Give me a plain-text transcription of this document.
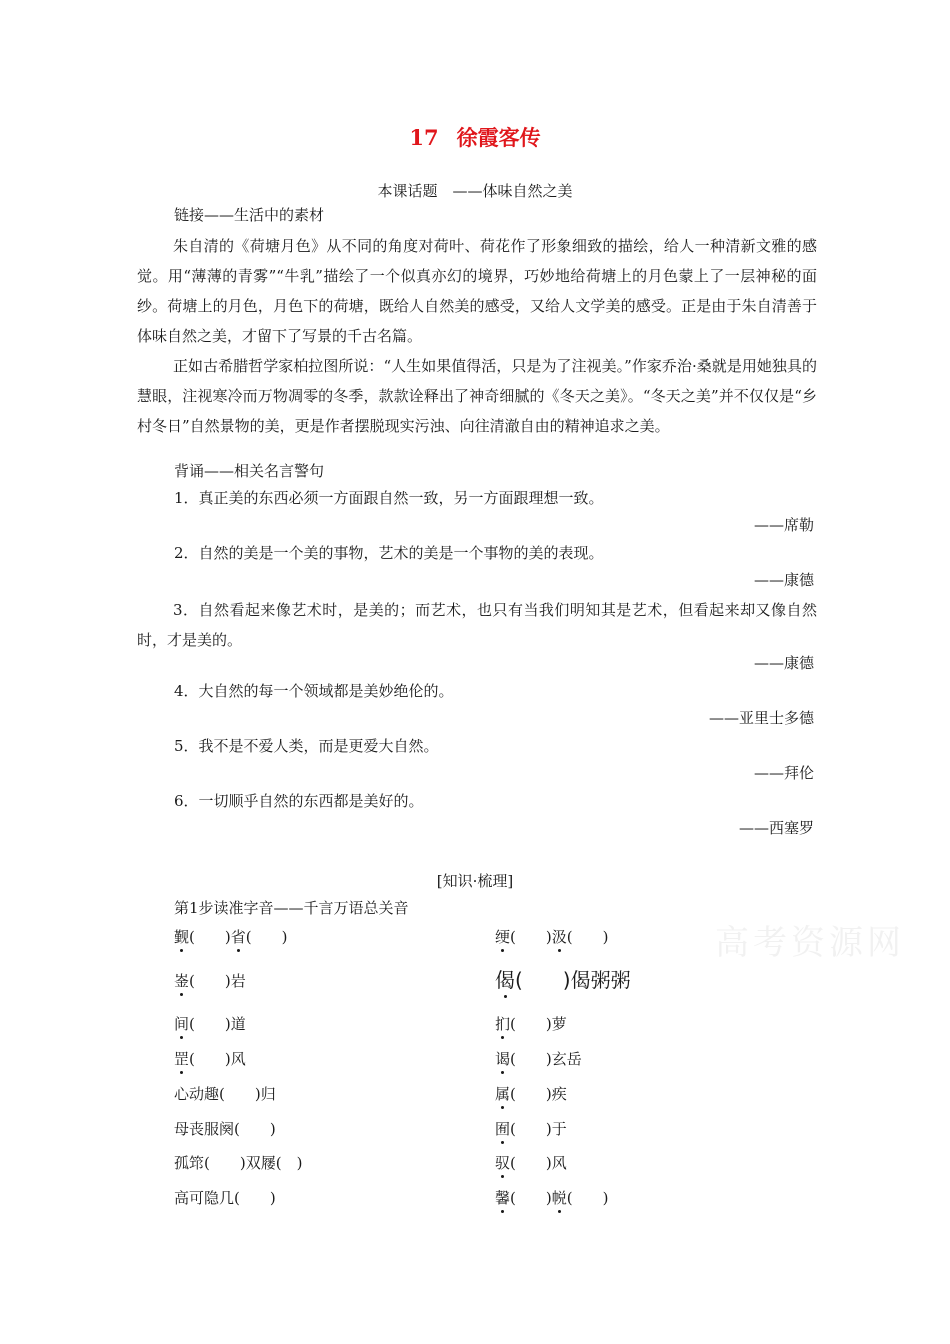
17 徐霞客传
本课话题　——体味自然之美
链接——生活中的素材
朱自清的《荷塘月色》从不同的角度对荷叶、荷花作了形象细致的描绘，给人一种清新文雅的感觉。用“薄薄的青雾”“牛乳”描绘了一个似真亦幻的境界，巧妙地给荷塘上的月色蒙上了一层神秘的面纱。荷塘上的月色，月色下的荷塘，既给人自然美的感受，又给人文学美的感受。正是由于朱自清善于体味自然之美，才留下了写景的千古名篇。
正如古希腊哲学家柏拉图所说：“人生如果值得活，只是为了注视美。”作家乔治·桑就是用她独具的慧眼，注视寒冷而万物凋零的冬季，款款诠释出了神奇细腻的《冬天之美》。“冬天之美”并不仅仅是“乡村冬日”自然景物的美，更是作者摆脱现实污浊、向往清澈自由的精神追求之美。
背诵——相关名言警句
1．真正美的东西必须一方面跟自然一致，另一方面跟理想一致。
——席勒
2．自然的美是一个美的事物，艺术的美是一个事物的美的表现。
——康德
3．自然看起来像艺术时，是美的；而艺术，也只有当我们明知其是艺术，但看起来却又像自然时，才是美的。
——康德
4．大自然的每一个领域都是美妙绝伦的。
——亚里士多德
5．我不是不爱人类，而是更爱大自然。
——拜伦
6．一切顺乎自然的东西都是美好的。
——西塞罗
[知识·梳理]
第1步读准字音——千言万语总关音
高考资源网
觐(　　)省(　　)
崟(　　)岩
间(　　)道
罡(　　)风
心动趣(　　)归
母丧服阕(　　)
孤筇(　　)双屦(　)
高可隐几(　　)
绠(　　)汲(　　)
偈(　　)偈粥粥
扪(　　)萝
谒(　　)玄岳
属(　　)疾
囿(　　)于
驭(　　)风
馨(　　)帨(　　)
